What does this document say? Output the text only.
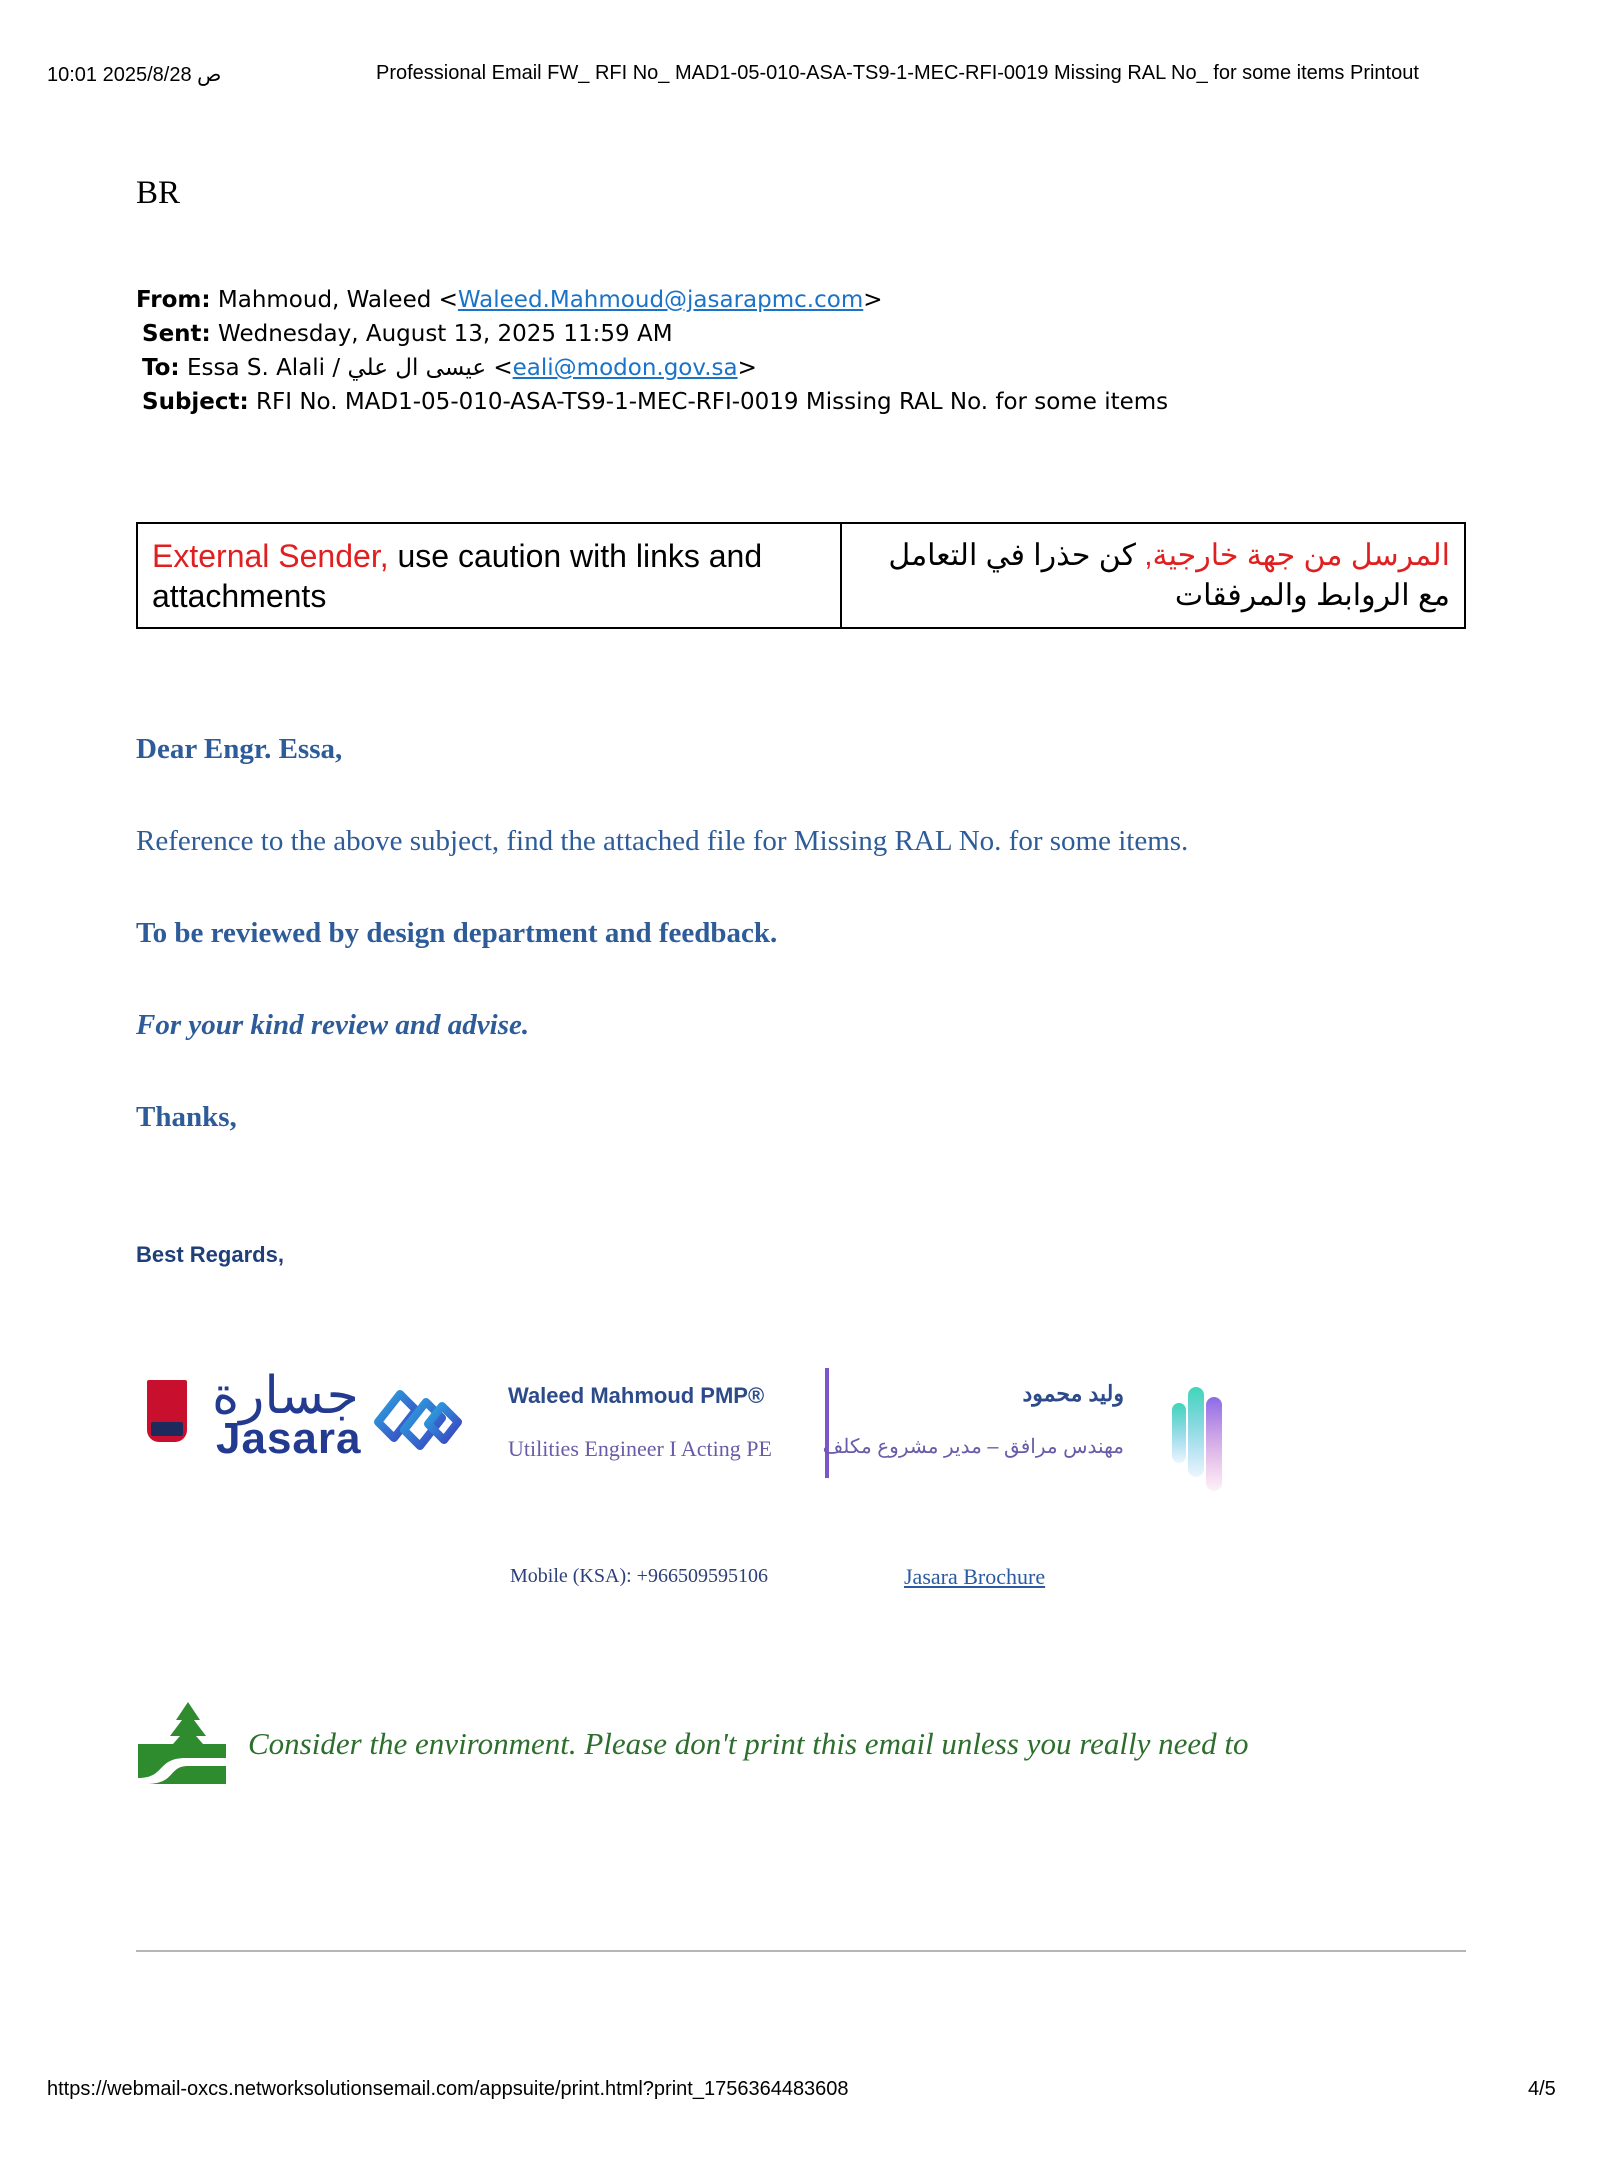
10:01 2025/8/28 ص	Professional Email FW_ RFI No_ MAD1-05-010-ASA-TS9-1-MEC-RFI-0019 Missing RAL No_ for some items Printout
BR
From: Mahmoud, Waleed <Waleed.Mahmoud@jasarapmc.com>
Sent: Wednesday, August 13, 2025 11:59 AM
To: Essa S. Alali / عيسى ال علي <eali@modon.gov.sa>
Subject: RFI No. MAD1-05-010-ASA-TS9-1-MEC-RFI-0019 Missing RAL No. for some items
External Sender, use caution with links and attachments
المرسل من جهة خارجية, كن حذرا في التعامل مع الروابط والمرفقات
Dear Engr. Essa,
Reference to the above subject, find the attached file for Missing RAL No. for some items.
To be reviewed by design department and feedback.
For your kind review and advise.
Thanks,
Best Regards,
جسارة
Jasara
Waleed Mahmoud PMP®
Utilities Engineer I Acting PE
وليد محمود
مهندس مرافق – مدير مشروع مكلف
Mobile (KSA): +966509595106	Jasara Brochure
Consider the environment. Please don't print this email unless you really need to
https://webmail-oxcs.networksolutionsemail.com/appsuite/print.html?print_1756364483608	4/5
